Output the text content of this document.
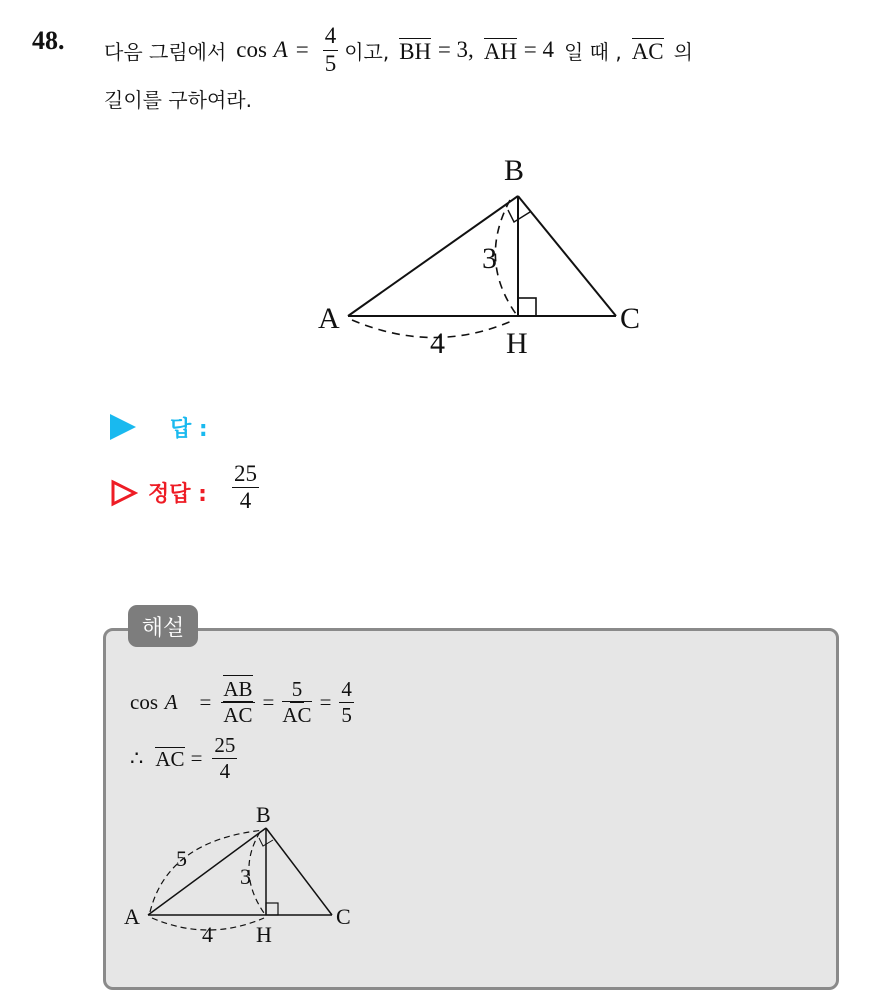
48. 다음 그림에서 cos
$A = \frac{4}{5}$ 이고, BH
= 3, AH
= 4 일 때 , AC 의
길이를 구하여라.
B
A	C
H
3
4
답 :
정답 : $\frac{25}{4}$
해설
cos
$A = \frac{AB}{AC} = \frac{5}{AC} = \frac{4}{5}$
∴ AC = $\frac{25}{4}$
B
A	C
H
5
3
4
